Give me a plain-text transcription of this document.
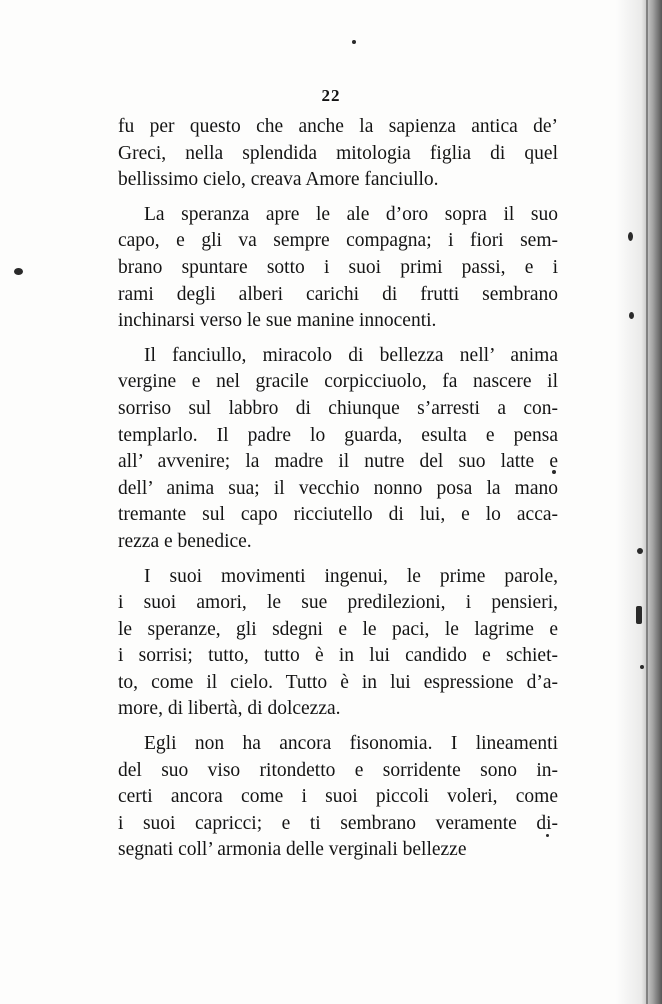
22
fu per questo che anche la sapienza antica de’
Greci, nella splendida mitologia figlia di quel
bellissimo cielo, creava Amore fanciullo.
La speranza apre le ale d’oro sopra il suo
capo, e gli va sempre compagna; i fiori sem-
brano spuntare sotto i suoi primi passi, e i
rami degli alberi carichi di frutti sembrano
inchinarsi verso le sue manine innocenti.
Il fanciullo, miracolo di bellezza nell’ anima
vergine e nel gracile corpicciuolo, fa nascere il
sorriso sul labbro di chiunque s’arresti a con-
templarlo. Il padre lo guarda, esulta e pensa
all’ avvenire; la madre il nutre del suo latte e
dell’ anima sua; il vecchio nonno posa la mano
tremante sul capo ricciutello di lui, e lo acca-
rezza e benedice.
I suoi movimenti ingenui, le prime parole,
i suoi amori, le sue predilezioni, i pensieri,
le speranze, gli sdegni e le paci, le lagrime e
i sorrisi; tutto, tutto è in lui candido e schiet-
to, come il cielo. Tutto è in lui espressione d’a-
more, di libertà, di dolcezza.
Egli non ha ancora fisonomia. I lineamenti
del suo viso ritondetto e sorridente sono in-
certi ancora come i suoi piccoli voleri, come
i suoi capricci; e ti sembrano veramente di-
segnati coll’ armonia delle verginali bellezze
